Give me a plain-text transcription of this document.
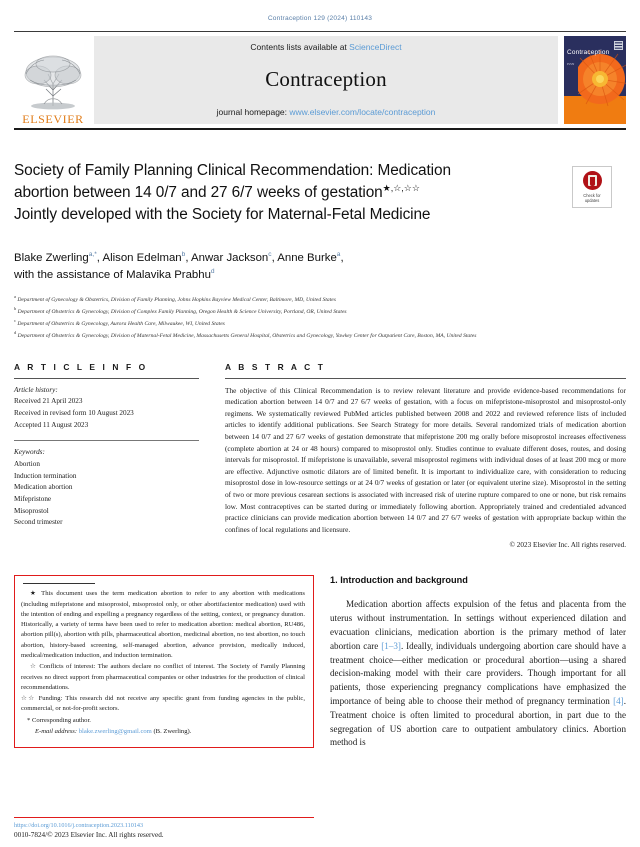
Contraception 129 (2024) 110143
ELSEVIER
Contents lists available at ScienceDirect
Contraception
journal homepage: www.elsevier.com/locate/contraception
Contraception
ISSN
Society of Family Planning Clinical Recommendation: Medication
abortion between 14 0/7 and 27 6/7 weeks of gestation★,☆,☆☆
Jointly developed with the Society for Maternal-Fetal Medicine
Check for
updates
Blake Zwerling$^{a,*}$, Alison Edelman$^b$, Anwar Jackson$^c$, Anne Burke$^a$,
with the assistance of Malavika Prabhu$^d$
$^a$ Department of Gynecology & Obstetrics, Division of Family Planning, Johns Hopkins Bayview Medical Center, Baltimore, MD, United States
$^b$ Department of Obstetrics & Gynecology, Division of Complex Family Planning, Oregon Health & Science University, Portland, OR, United States
$^c$ Department of Obstetrics & Gynecology, Aurora Health Care, Milwaukee, WI, United States
$^d$ Department of Obstetrics & Gynecology, Division of Maternal-Fetal Medicine, Massachusetts General Hospital, Obstetrics and Gynecology, Yawkey Center for Outpatient Care, Boston, MA, United States
A R T I C L E I N F O
Article history:
Received 21 April 2023
Received in revised form 10 August 2023
Accepted 11 August 2023
Keywords:
Abortion
Induction termination
Medication abortion
Mifepristone
Misoprostol
Second trimester
A B S T R A C T
The objective of this Clinical Recommendation is to review relevant literature and provide evidence-based recommendations for medication abortion between 14 0/7 and 27 6/7 weeks of gestation, with a focus on mifepristone-misoprostol and misoprostol-only regimens. We systematically reviewed PubMed articles published between 2008 and 2022 and reviewed reference lists of included articles to identify additional publications. See Search Strategy for more details. Several randomized trials of medication abortion between 14 0/7 and 27 6/7 weeks of gestation demonstrate that mifepristone 200 mg orally before misoprostol increases effectiveness (complete abortion at 24 or 48 hours) compared to misoprostol only. Studies continue to evaluate different doses, routes, and dosing intervals for misoprostol. If mifepristone is unavailable, several misoprostol regimens with individual doses of at least 200 mcg or more are effective. Adjunctive osmotic dilators are of limited benefit. It is important to individualize care, with consideration to reducing misoprostol dose in low-resource settings or at 24 0/7 weeks of gestation or later (or equivalent uterine size). Misoprostol in the setting of two or more previous cesarean sections is associated with increased risk of uterine rupture compared to one or none, but risk remains low. Most contraceptives can be started during or immediately following abortion. Appropriately trained and credentialed advanced practice clinicians can provide medication abortion between 14 0/7 and 27 6/7 weeks of gestation with appropriate backup within the confines of local regulations and licensure.
© 2023 Elsevier Inc. All rights reserved.

★ This document uses the term medication abortion to refer to any abortion with medications (including mifepristone and misoprostol, misoprostol only, or other abortifacientor medication) used with the intention of ending and expelling a pregnancy regardless of the setting, context, or pregnancy duration. Historically, a variety of terms have been used to refer to medication abortion: medical abortion, RU486, abortion pill(s), abortion with pills, pharmaceutical abortion, medicinal abortion, no test abortion, no touch abortion, history-based screening, self-managed abortion, advance provision, medically induced, medical/medication induction, and induction termination.

☆ Conflicts of interest: The authors declare no conflict of interest. The Society of Family Planning receives no direct support from pharmaceutical companies or other industries for the production of clinical recommendations.

☆☆ Funding: This research did not receive any specific grant from funding agencies in the public, commercial, or not-for-profit sectors.

* Corresponding author.

E-mail address: blake.zwerling@gmail.com (B. Zwerling).

1. Introduction and background

Medication abortion affects expulsion of the fetus and placenta from the uterus without instrumentation. In settings without experienced dilation and evacuation clinicians, medication abortion is the primary method of later abortion care [1–3]. Ideally, individuals undergoing abortion care should have a treatment choice—either medication or procedural abortion—using a shared decision-making model with their care providers. Though important for all patients, those experiencing pregnancy complications have emphasized the importance of being able to choose their method of pregnancy termination [4]. Treatment choice is often limited to procedural abortion, in part due to the segregation of US abortion care to outpatient ambulatory clinics. Abortion method is

https://doi.org/10.1016/j.contraception.2023.110143
0010-7824/© 2023 Elsevier Inc. All rights reserved.
